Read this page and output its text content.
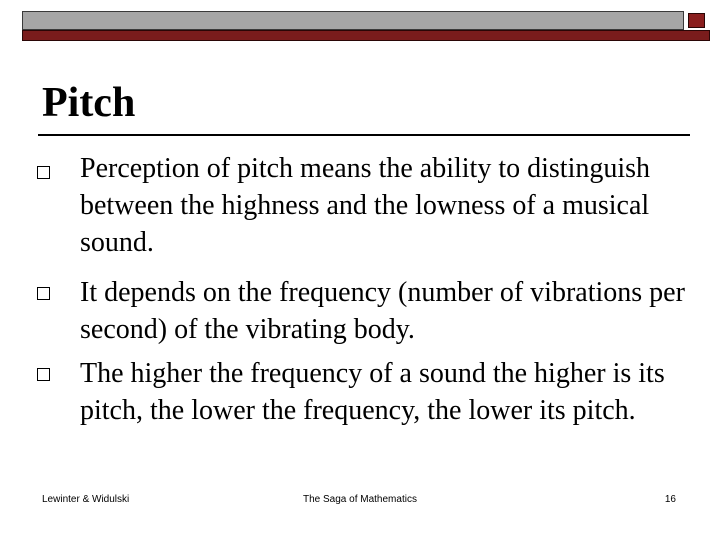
Pitch
Perception of pitch means the ability to distinguish between the highness and the lowness of a musical sound.
It depends on the frequency (number of vibrations per second) of the vibrating body.
The higher the frequency of a sound the higher is its pitch, the lower the frequency, the lower its pitch.
Lewinter & Widulski	The Saga of Mathematics	16
